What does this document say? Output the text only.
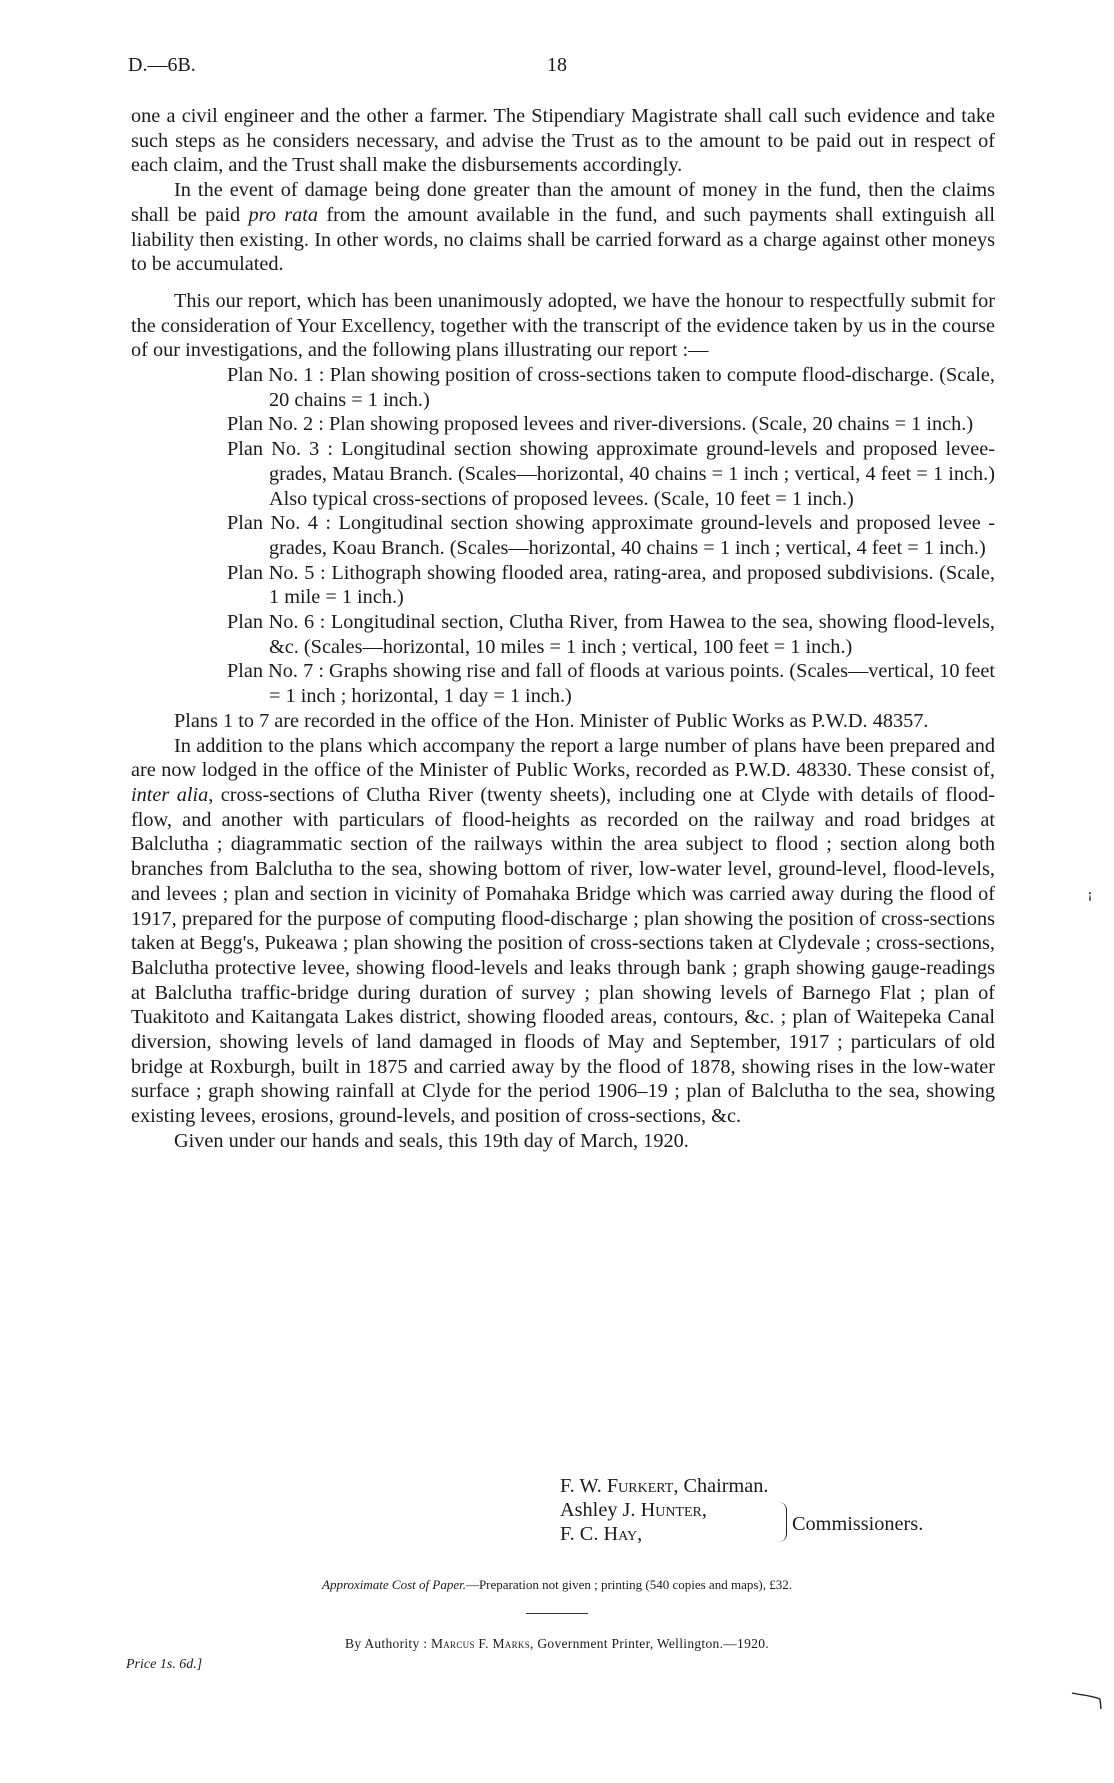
D.—6B.	18

one a civil engineer and the other a farmer. The Stipendiary Magistrate shall call such evidence and take such steps as he considers necessary, and advise the Trust as to the amount to be paid out in respect of each claim, and the Trust shall make the disbursements accordingly.

In the event of damage being done greater than the amount of money in the fund, then the claims shall be paid pro rata from the amount available in the fund, and such payments shall extinguish all liability then existing. In other words, no claims shall be carried forward as a charge against other moneys to be accumulated.

This our report, which has been unanimously adopted, we have the honour to respectfully submit for the consideration of Your Excellency, together with the transcript of the evidence taken by us in the course of our investigations, and the following plans illustrating our report :—

Plan No. 1 : Plan showing position of cross-sections taken to compute flood-discharge. (Scale, 20 chains = 1 inch.)

Plan No. 2 : Plan showing proposed levees and river-diversions. (Scale, 20 chains = 1 inch.)

Plan No. 3 : Longitudinal section showing approximate ground-levels and proposed levee-grades, Matau Branch. (Scales—horizontal, 40 chains = 1 inch ; vertical, 4 feet = 1 inch.) Also typical cross-sections of proposed levees. (Scale, 10 feet = 1 inch.)

Plan No. 4 : Longitudinal section showing approximate ground-levels and proposed levee - grades, Koau Branch. (Scales—horizontal, 40 chains = 1 inch ; vertical, 4 feet = 1 inch.)

Plan No. 5 : Lithograph showing flooded area, rating-area, and proposed subdivisions. (Scale, 1 mile = 1 inch.)

Plan No. 6 : Longitudinal section, Clutha River, from Hawea to the sea, showing flood-levels, &c. (Scales—horizontal, 10 miles = 1 inch ; vertical, 100 feet = 1 inch.)

Plan No. 7 : Graphs showing rise and fall of floods at various points. (Scales—vertical, 10 feet = 1 inch ; horizontal, 1 day = 1 inch.)

Plans 1 to 7 are recorded in the office of the Hon. Minister of Public Works as P.W.D. 48357.

In addition to the plans which accompany the report a large number of plans have been prepared and are now lodged in the office of the Minister of Public Works, recorded as P.W.D. 48330. These consist of, inter alia, cross-sections of Clutha River (twenty sheets), including one at Clyde with details of flood-flow, and another with particulars of flood-heights as recorded on the railway and road bridges at Balclutha ; diagrammatic section of the railways within the area subject to flood ; section along both branches from Balclutha to the sea, showing bottom of river, low-water level, ground-level, flood-levels, and levees ; plan and section in vicinity of Pomahaka Bridge which was carried away during the flood of 1917, prepared for the purpose of computing flood-discharge ; plan showing the position of cross-sections taken at Begg's, Pukeawa ; plan showing the position of cross-sections taken at Clydevale ; cross-sections, Balclutha protective levee, showing flood-levels and leaks through bank ; graph showing gauge-readings at Balclutha traffic-bridge during duration of survey ; plan showing levels of Barnego Flat ; plan of Tuakitoto and Kaitangata Lakes district, showing flooded areas, contours, &c. ; plan of Waitepeka Canal diversion, showing levels of land damaged in floods of May and September, 1917 ; particulars of old bridge at Roxburgh, built in 1875 and carried away by the flood of 1878, showing rises in the low-water surface ; graph showing rainfall at Clyde for the period 1906–19 ; plan of Balclutha to the sea, showing existing levees, erosions, ground-levels, and position of cross-sections, &c.

Given under our hands and seals, this 19th day of March, 1920.

F. W. Furkert, Chairman.
Ashley J. Hunter,
F. C. Hay,	Commissioners.
Approximate Cost of Paper.—Preparation not given ; printing (540 copies and maps), £32.
By Authority : Marcus F. Marks, Government Printer, Wellington.—1920.
Price 1s. 6d.]
ꜟ
